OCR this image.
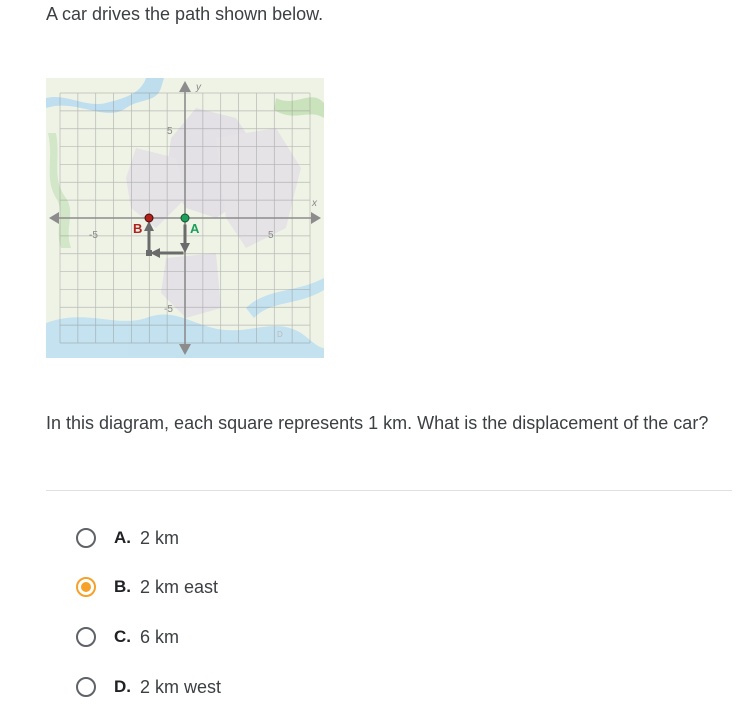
A car drives the path shown below.
y
x
-5	5
5
-5
D
A
B
In this diagram, each square represents 1 km. What is the displacement of the car?
A. 2 km
B. 2 km east
C. 6 km
D. 2 km west
